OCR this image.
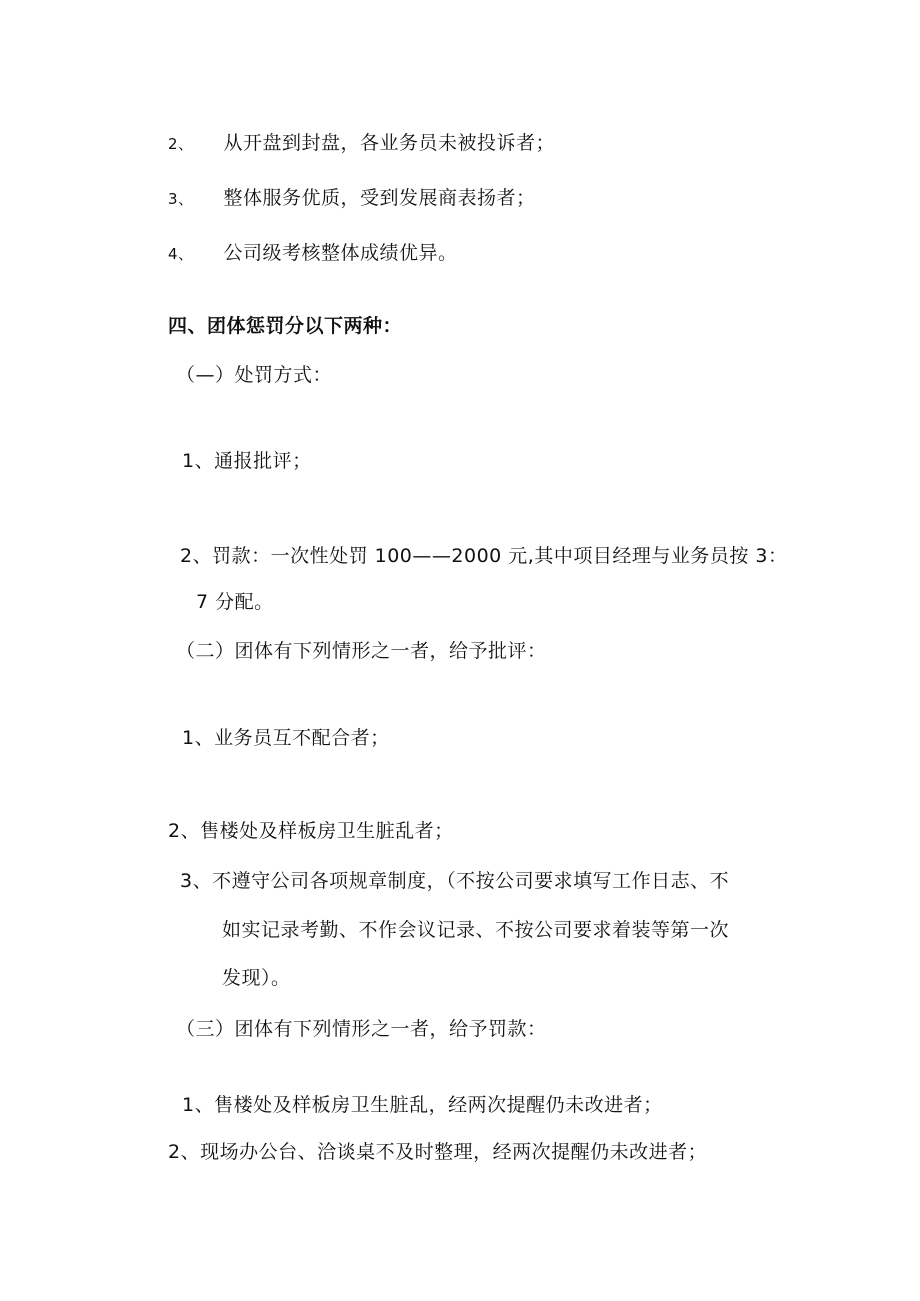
2、 从开盘到封盘，各业务员未被投诉者；
3、 整体服务优质，受到发展商表扬者；
4、 公司级考核整体成绩优异。
四、团体惩罚分以下两种：
（—）处罚方式：
1、通报批评；
2、罚款：一次性处罚 100——2000 元,其中项目经理与业务员按 3：
7 分配。
（二）团体有下列情形之一者，给予批评：
1、业务员互不配合者；
2、售楼处及样板房卫生脏乱者；
3、不遵守公司各项规章制度，（不按公司要求填写工作日志、不
如实记录考勤、不作会议记录、不按公司要求着装等第一次
发现）。
（三）团体有下列情形之一者，给予罚款：
1、售楼处及样板房卫生脏乱，经两次提醒仍未改进者；
2、现场办公台、洽谈桌不及时整理，经两次提醒仍未改进者；
